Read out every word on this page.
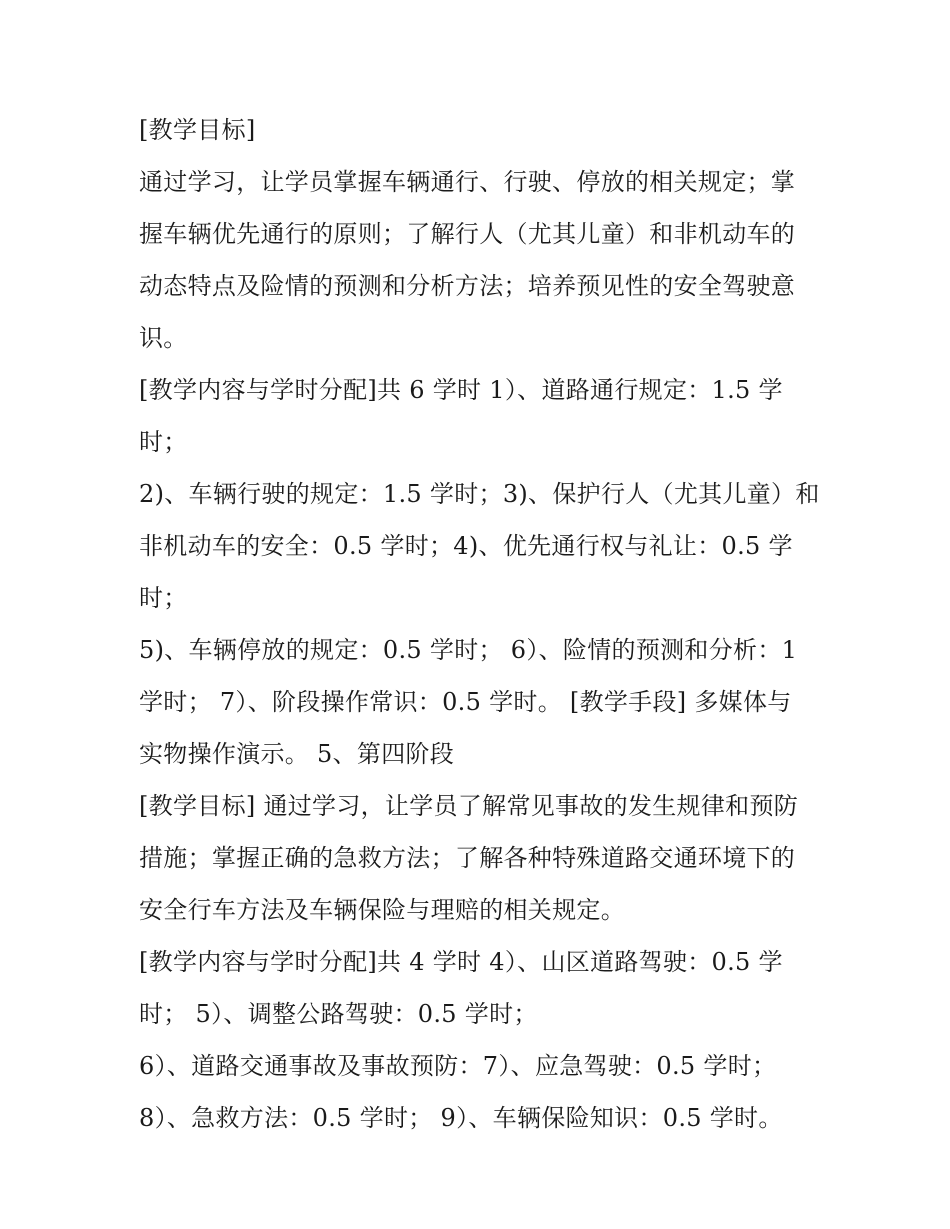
[教学目标]

通过学习，让学员掌握车辆通行、行驶、停放的相关规定；掌

握车辆优先通行的原则；了解行人（尤其儿童）和非机动车的

动态特点及险情的预测和分析方法；培养预见性的安全驾驶意

识。

[教学内容与学时分配]共 6 学时 1）、道路通行规定：1.5 学

时；

2)、车辆行驶的规定：1.5 学时；3)、保护行人（尤其儿童）和

非机动车的安全：0.5 学时；4)、优先通行权与礼让：0.5 学

时；

5)、车辆停放的规定：0.5 学时； 6）、险情的预测和分析：1

学时； 7）、阶段操作常识：0.5 学时。 [教学手段] 多媒体与

实物操作演示。 5、第四阶段

[教学目标] 通过学习，让学员了解常见事故的发生规律和预防

措施；掌握正确的急救方法；了解各种特殊道路交通环境下的

安全行车方法及车辆保险与理赔的相关规定。

[教学内容与学时分配]共 4 学时 4）、山区道路驾驶：0.5 学

时； 5）、调整公路驾驶：0.5 学时；

6）、道路交通事故及事故预防：7）、应急驾驶：0.5 学时；

8）、急救方法：0.5 学时； 9）、车辆保险知识：0.5 学时。
